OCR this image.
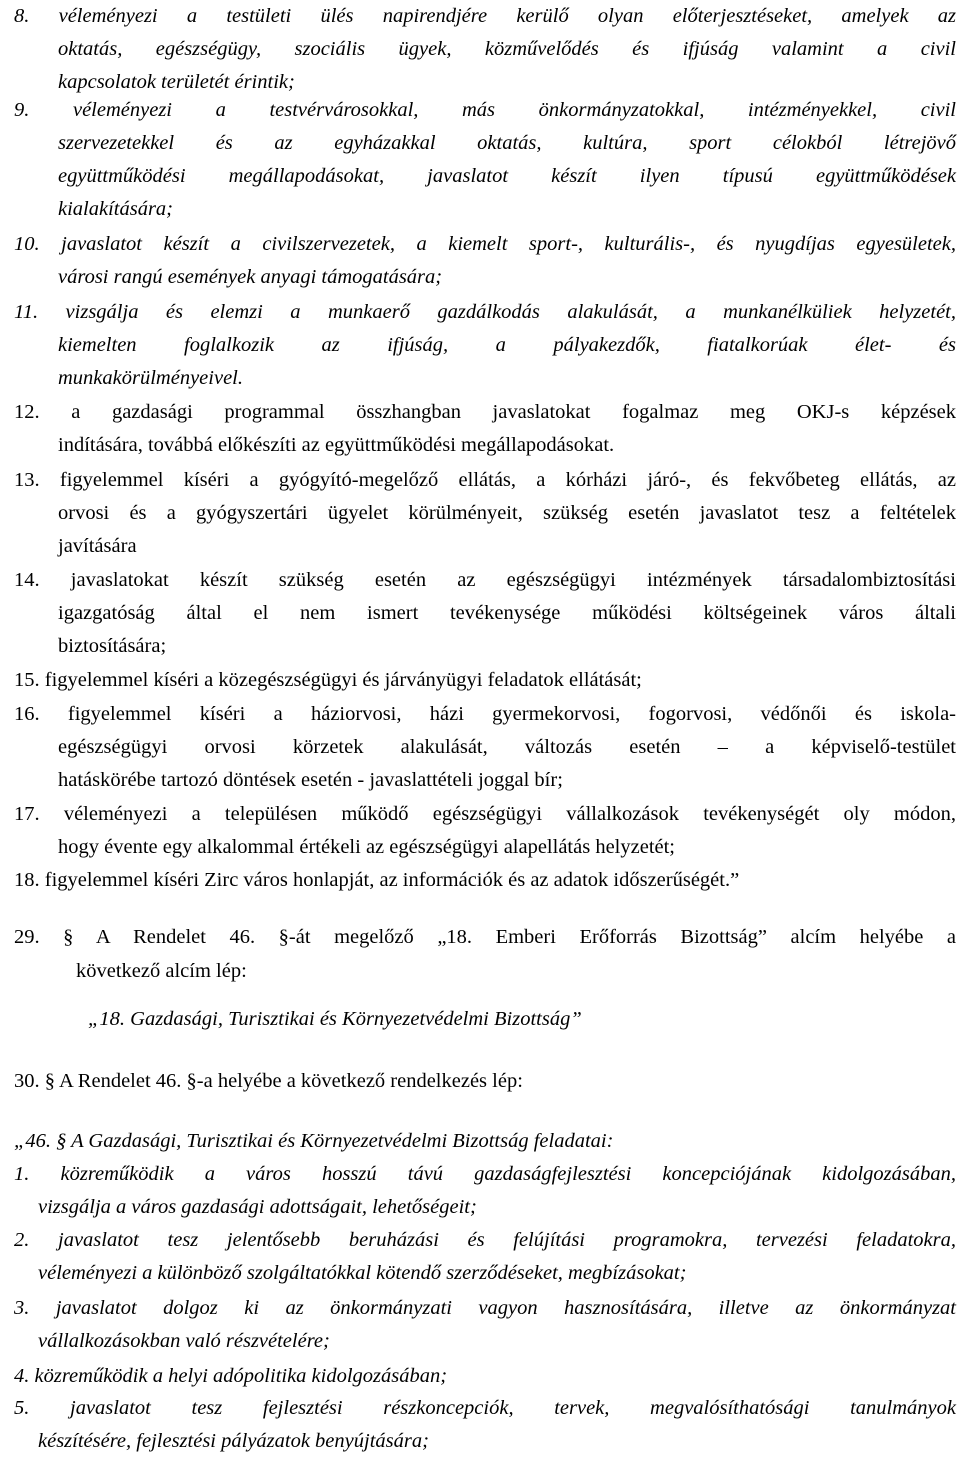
8. véleményezi a testületi ülés napirendjére kerülő olyan előterjesztéseket, amelyek az
oktatás, egészségügy, szociális ügyek, közművelődés és ifjúság valamint a civil
kapcsolatok területét érintik;
9. véleményezi a testvérvárosokkal, más önkormányzatokkal, intézményekkel, civil
szervezetekkel és az egyházakkal oktatás, kultúra, sport célokból létrejövő
együttműködési megállapodásokat, javaslatot készít ilyen típusú együttműködések
kialakítására;
10. javaslatot készít a civilszervezetek, a kiemelt sport-, kulturális-, és nyugdíjas egyesületek,
városi rangú események anyagi támogatására;
11. vizsgálja és elemzi a munkaerő gazdálkodás alakulását, a munkanélküliek helyzetét,
kiemelten foglalkozik az ifjúság, a pályakezdők, fiatalkorúak élet- és
munkakörülményeivel.
12. a gazdasági programmal összhangban javaslatokat fogalmaz meg OKJ-s képzések
indítására, továbbá előkészíti az együttműködési megállapodásokat.
13. figyelemmel kíséri a gyógyító-megelőző ellátás, a kórházi járó-, és fekvőbeteg ellátás, az
orvosi és a gyógyszertári ügyelet körülményeit, szükség esetén javaslatot tesz a feltételek
javítására
14. javaslatokat készít szükség esetén az egészségügyi intézmények társadalombiztosítási
igazgatóság által el nem ismert tevékenysége működési költségeinek város általi
biztosítására;
15. figyelemmel kíséri a közegészségügyi és járványügyi feladatok ellátását;
16. figyelemmel kíséri a háziorvosi, házi gyermekorvosi, fogorvosi, védőnői és iskola-
egészségügyi orvosi körzetek alakulását, változás esetén – a képviselő-testület
hatáskörébe tartozó döntések esetén - javaslattételi joggal bír;
17. véleményezi a településen működő egészségügyi vállalkozások tevékenységét oly módon,
hogy évente egy alkalommal értékeli az egészségügyi alapellátás helyzetét;
18. figyelemmel kíséri Zirc város honlapját, az információk és az adatok időszerűségét.”
29. § A Rendelet 46. §-át megelőző „18. Emberi Erőforrás Bizottság” alcím helyébe a
következő alcím lép:
„18. Gazdasági, Turisztikai és Környezetvédelmi Bizottság”
30. § A Rendelet 46. §-a helyébe a következő rendelkezés lép:
„46. § A Gazdasági, Turisztikai és Környezetvédelmi Bizottság feladatai:
1. közreműködik a város hosszú távú gazdaságfejlesztési koncepciójának kidolgozásában,
vizsgálja a város gazdasági adottságait, lehetőségeit;
2. javaslatot tesz jelentősebb beruházási és felújítási programokra, tervezési feladatokra,
véleményezi a különböző szolgáltatókkal kötendő szerződéseket, megbízásokat;
3. javaslatot dolgoz ki az önkormányzati vagyon hasznosítására, illetve az önkormányzat
vállalkozásokban való részvételére;
4. közreműködik a helyi adópolitika kidolgozásában;
5. javaslatot tesz fejlesztési részkoncepciók, tervek, megvalósíthatósági tanulmányok
készítésére, fejlesztési pályázatok benyújtására;
